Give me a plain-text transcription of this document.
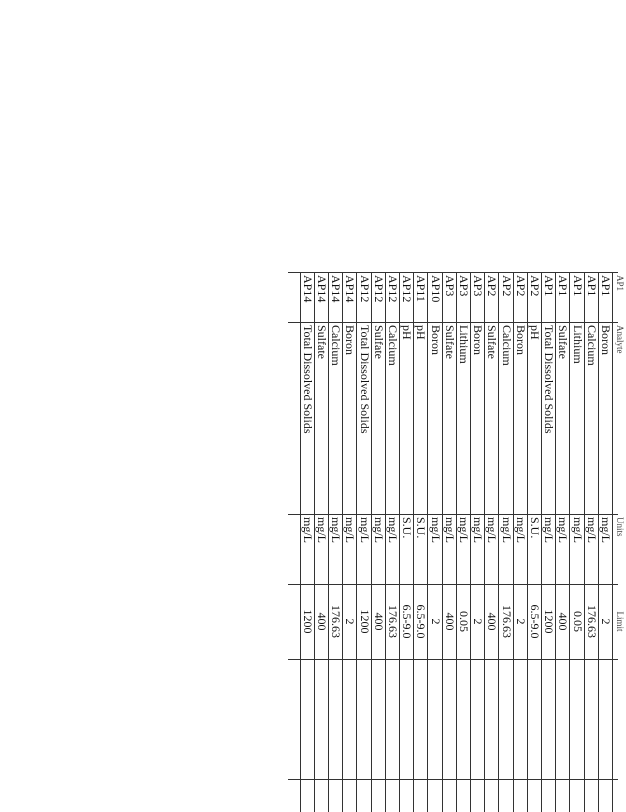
AP1
Analyte
Units
Limit
AP1
Boron
mg/L
2
AP1
Calcium
mg/L
176.63
AP1
Lithium
mg/L
0.05
AP1
Sulfate
mg/L
400
AP1
Total Dissolved Solids
mg/L
1200
AP2
pH
S.U.
6.5-9.0
AP2
Boron
mg/L
2
AP2
Calcium
mg/L
176.63
AP2
Sulfate
mg/L
400
AP3
Boron
mg/L
2
AP3
Lithium
mg/L
0.05
AP3
Sulfate
mg/L
400
AP10
Boron
mg/L
2
AP11
pH
S.U.
6.5-9.0
AP12
pH
S.U.
6.5-9.0
AP12
Calcium
mg/L
176.63
AP12
Sulfate
mg/L
400
AP12
Total Dissolved Solids
mg/L
1200
AP14
Boron
mg/L
2
AP14
Calcium
mg/L
176.63
AP14
Sulfate
mg/L
400
AP14
Total Dissolved Solids
mg/L
1200
